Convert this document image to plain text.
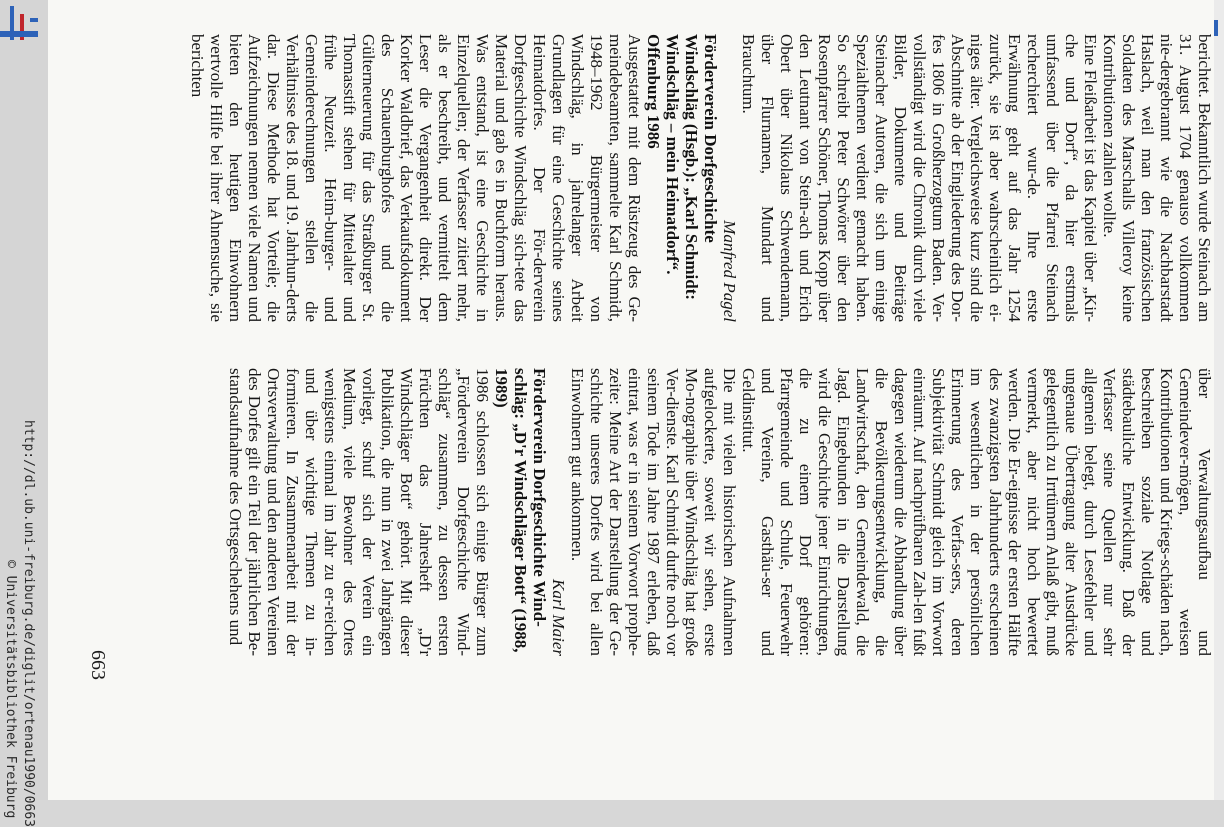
http://dl.ub.uni-freiburg.de/diglit/ortenau1990/0663
© Universitätsbibliothek Freiburg

berichtet. Bekanntlich wurde Steinach am 31. August 1704 genauso vollkommen nie-dergebrannt wie die Nachbarstadt Haslach, weil man den französischen Soldaten des Marschalls Villeroy keine Kontributionen zahlen wollte.

Eine Fleißarbeit ist das Kapitel über „Kir-che und Dorf“, da hier erstmals umfassend über die Pfarrei Steinach recherchiert wur-de. Ihre erste Erwähnung geht auf das Jahr 1254 zurück, sie ist aber wahrscheinlich ei-niges älter. Vergleichsweise kurz sind die Abschnitte ab der Eingliederung des Dor-fes 1806 in Großherzogtum Baden. Ver-vollständigt wird die Chronik durch viele Bilder, Dokumente und Beiträge Steinacher Autoren, die sich um einige Spezialthemen verdient gemacht haben. So schreibt Peter Schwörer über den Rosenpfarrer Schöner, Thomas Kopp über den Leutnant von Stein-ach und Erich Obert über Nikolaus Schwendemann, über Flurnamen, Mundart und Brauchtum.

Manfred Pagel

Förderverein Dorfgeschichte Windschläg (Hsgb.): „Karl Schmidt: Windschläg – mein Heimatdorf“. Offenburg 1986

Ausgestattet mit dem Rüstzeug des Ge-meindebeamten, sammelte Karl Schmidt, 1948–1962 Bürgermeister von Windschläg, in jahrelanger Arbeit Grundlagen für eine Geschichte seines Heimatdorfes. Der För-derverein Dorfgeschichte Windschläg sich-tete das Material und gab es in Buchform heraus. Was entstand, ist eine Geschichte in Einzelquellen; der Verfasser zitiert mehr, als er beschreibt, und vermittelt dem Leser die Vergangenheit direkt. Der Korker Waldbrief, das Verkaufsdokument des Schauenburghofes und die Gülterneuerung für das Straßburger St. Thomasstift stehen für Mittelalter und frühe Neuzeit. Heim-burger- und Gemeinderechnungen stellen die Verhältnisse des 18. und 19. Jahrhun-derts dar. Diese Methode hat Vorteile; die Aufzeichnungen nennen viele Namen und bieten den heutigen Einwohnern wertvolle Hilfe bei ihrer Ahnensuche, sie berichten

über Verwaltungsaufbau und Gemeindever-mögen, weisen Kontributionen und Kriegs-schäden nach, beschreiben soziale Notlage und städtebauliche Entwicklung. Daß der Verfasser seine Quellen nur sehr allgemein belegt, durch Lesefehler und ungenaue Übertragung alter Ausdrücke gelegentlich zu Irrtümern Anlaß gibt, muß vermerkt, aber nicht hoch bewertet werden. Die Er-eignisse der ersten Hälfte des zwanzigsten Jahrhunderts erscheinen im wesentlichen in der persönlichen Erinnerung des Verfas-sers, deren Subjektivität Schmidt gleich im Vorwort einräumt. Auf nachprüfbaren Zah-len fußt dagegen wiederum die Abhandlung über die Bevölkerungsentwicklung, die Landwirtschaft, den Gemeindewald, die Jagd. Eingebunden in die Darstellung wird die Geschichte jener Einrichtungen, die zu einem Dorf gehören: Pfarrgemeinde und Schule, Feuerwehr und Vereine, Gasthäu-ser und Geldinstitut.

Die mit vielen historischen Aufnahmen aufgelockerte, soweit wir sehen, erste Mo-nographie über Windschläg hat große Ver-dienste. Karl Schmidt durfte noch vor seinem Tode im Jahre 1987 erleben, daß eintrat, was er in seinem Vorwort prophe-zeite: Meine Art der Darstellung der Ge-schichte unseres Dorfes wird bei allen Einwohnern gut ankommen.

Karl Maier

Förderverein Dorfgeschichte Wind-schläg: „D'r Windschläger Bott“ (1988, 1989)

1986 schlossen sich einige Bürger zum „Förderverein Dorfgeschichte Wind-schläg“ zusammen, zu dessen ersten Früchten das Jahresheft „D'r Windschläger Bott“ gehört. Mit dieser Publikation, die nun in zwei Jahrgängen vorliegt, schuf sich der Verein ein Medium, viele Bewohner des Ortes wenigstens einmal im Jahr zu er-reichen und über wichtige Themen zu in-formieren. In Zusammenarbeit mit der Ortsverwaltung und den anderen Vereinen des Dorfes gilt ein Teil der jährlichen Be-standsaufnahme des Ortsgeschehens und

663
